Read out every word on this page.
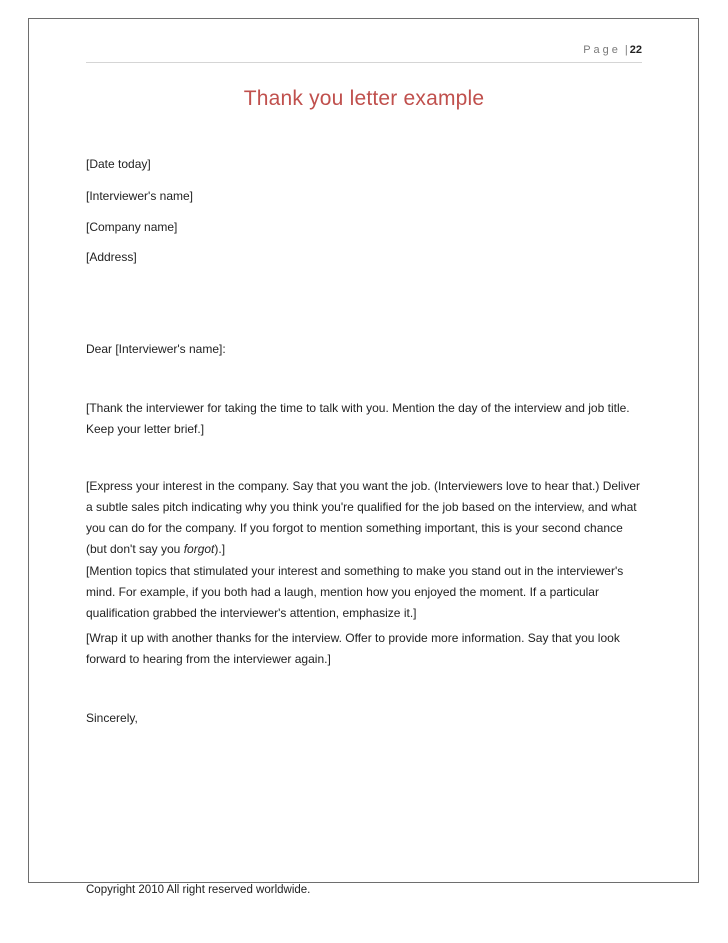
Page | 22
Thank you letter example
[Date today]
[Interviewer's name]
[Company name]
[Address]
Dear [Interviewer's name]:
[Thank the interviewer for taking the time to talk with you. Mention the day of the interview and job title. Keep your letter brief.]
[Express your interest in the company. Say that you want the job. (Interviewers love to hear that.) Deliver a subtle sales pitch indicating why you think you're qualified for the job based on the interview, and what you can do for the company. If you forgot to mention something important, this is your second chance (but don't say you forgot).]
[Mention topics that stimulated your interest and something to make you stand out in the interviewer's mind. For example, if you both had a laugh, mention how you enjoyed the moment. If a particular qualification grabbed the interviewer's attention, emphasize it.]
[Wrap it up with another thanks for the interview. Offer to provide more information. Say that you look forward to hearing from the interviewer again.]
Sincerely,
Copyright 2010 All right reserved worldwide.
